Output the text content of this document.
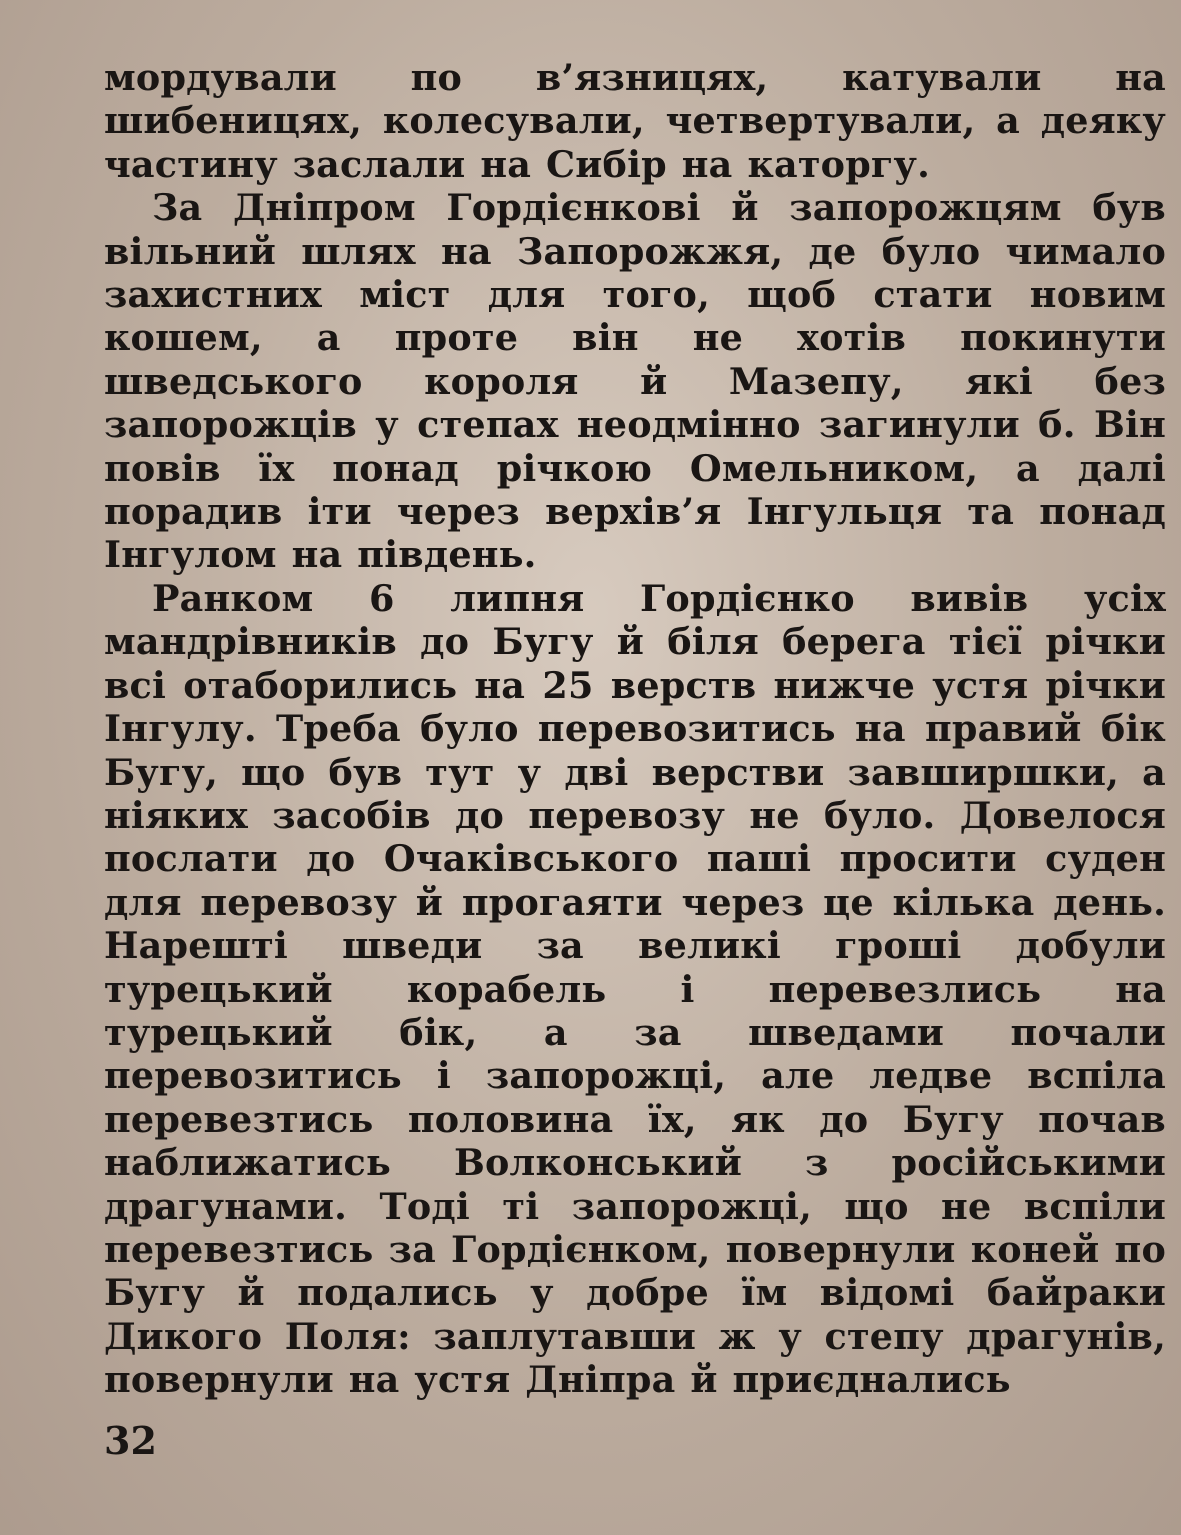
мордували по в’язницях, катували на шибеницях, колесували, четвертували, а деяку частину заслали на Сибір на каторгу.

За Дніпром Гордієнкові й запорожцям був вільний шлях на Запорожжя, де було чимало захистних міст для того, щоб стати новим кошем, а проте він не хотів покинути шведського короля й Мазепу, які без запорожців у степах неодмінно загинули б. Він повів їх понад річкою Омельником, а далі порадив іти через верхів’я Інгульця та понад Інгулом на південь.

Ранком 6 липня Гордієнко вивів усіх мандрівників до Бугу й біля берега тієї річки всі отаборились на 25 верств нижче устя річки Інгулу. Треба було перевозитись на правий бік Бугу, що був тут у дві верстви завширшки, а ніяких засобів до перевозу не було. Довелося послати до Очаківського паші просити суден для перевозу й прогаяти через це кілька день. Нарешті шведи за великі гроші добули турецький корабель і перевезлись на турецький бік, а за шведами почали перевозитись і запорожці, але ледве вспіла перевезтись половина їх, як до Бугу почав наближатись Волконський з російськими драгунами. Тоді ті запорожці, що не вспіли перевезтись за Гордієнком, повернули коней по Бугу й подались у добре їм відомі байраки Дикого Поля: заплутавши ж у степу драгунів, повернули на устя Дніпра й приєднались

32
